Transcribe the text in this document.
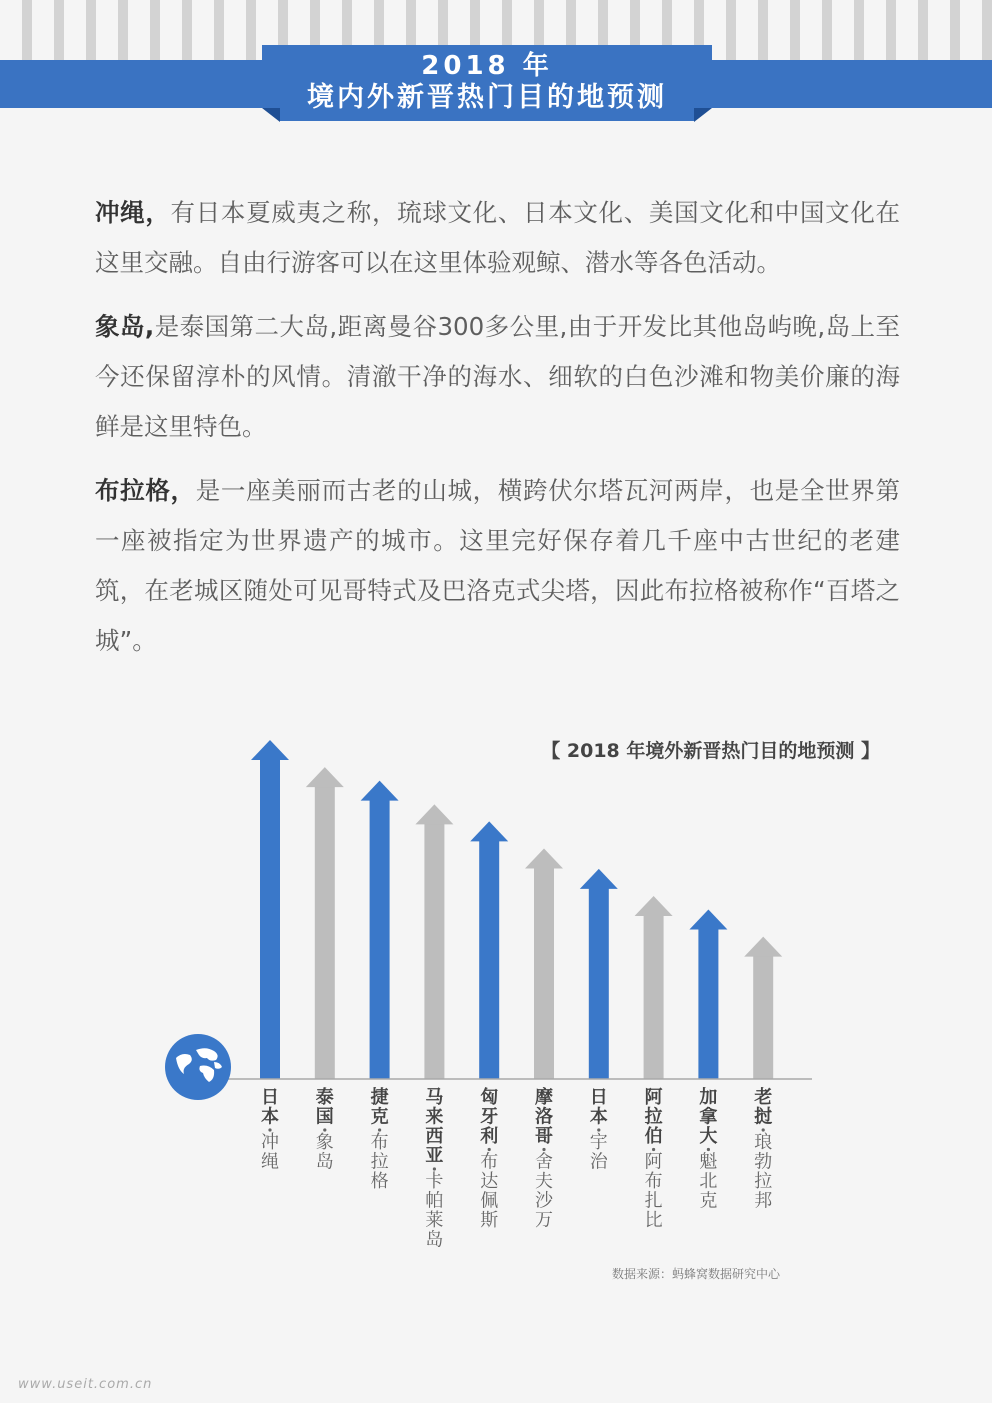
2018 年
境内外新晋热门目的地预测

冲绳，有日本夏威夷之称，琉球文化、日本文化、美国文化和中国文化在这里交融。自由行游客可以在这里体验观鲸、潜水等各色活动。

象岛,是泰国第二大岛,距离曼谷300多公里,由于开发比其他岛屿晚,岛上至今还保留淳朴的风情。清澈干净的海水、细软的白色沙滩和物美价廉的海鲜是这里特色。

布拉格，是一座美丽而古老的山城，横跨伏尔塔瓦河两岸，也是全世界第一座被指定为世界遗产的城市。这里完好保存着几千座中古世纪的老建筑，在老城区随处可见哥特式及巴洛克式尖塔，因此布拉格被称作“百塔之城”。

【 2018 年境外新晋热门目的地预测 】
日
本
冲
绳
泰
国
象
岛
捷
克
布
拉
格
马
来
西
亚
卡
帕
莱
岛
匈
牙
利
布
达
佩
斯
摩
洛
哥
舍
夫
沙
万
日
本
宇
治
阿
拉
伯
阿
布
扎
比
加
拿
大
魁
北
克
老
挝
琅
勃
拉
邦
数据来源：蚂蜂窝数据研究中心
www.useit.com.cn
